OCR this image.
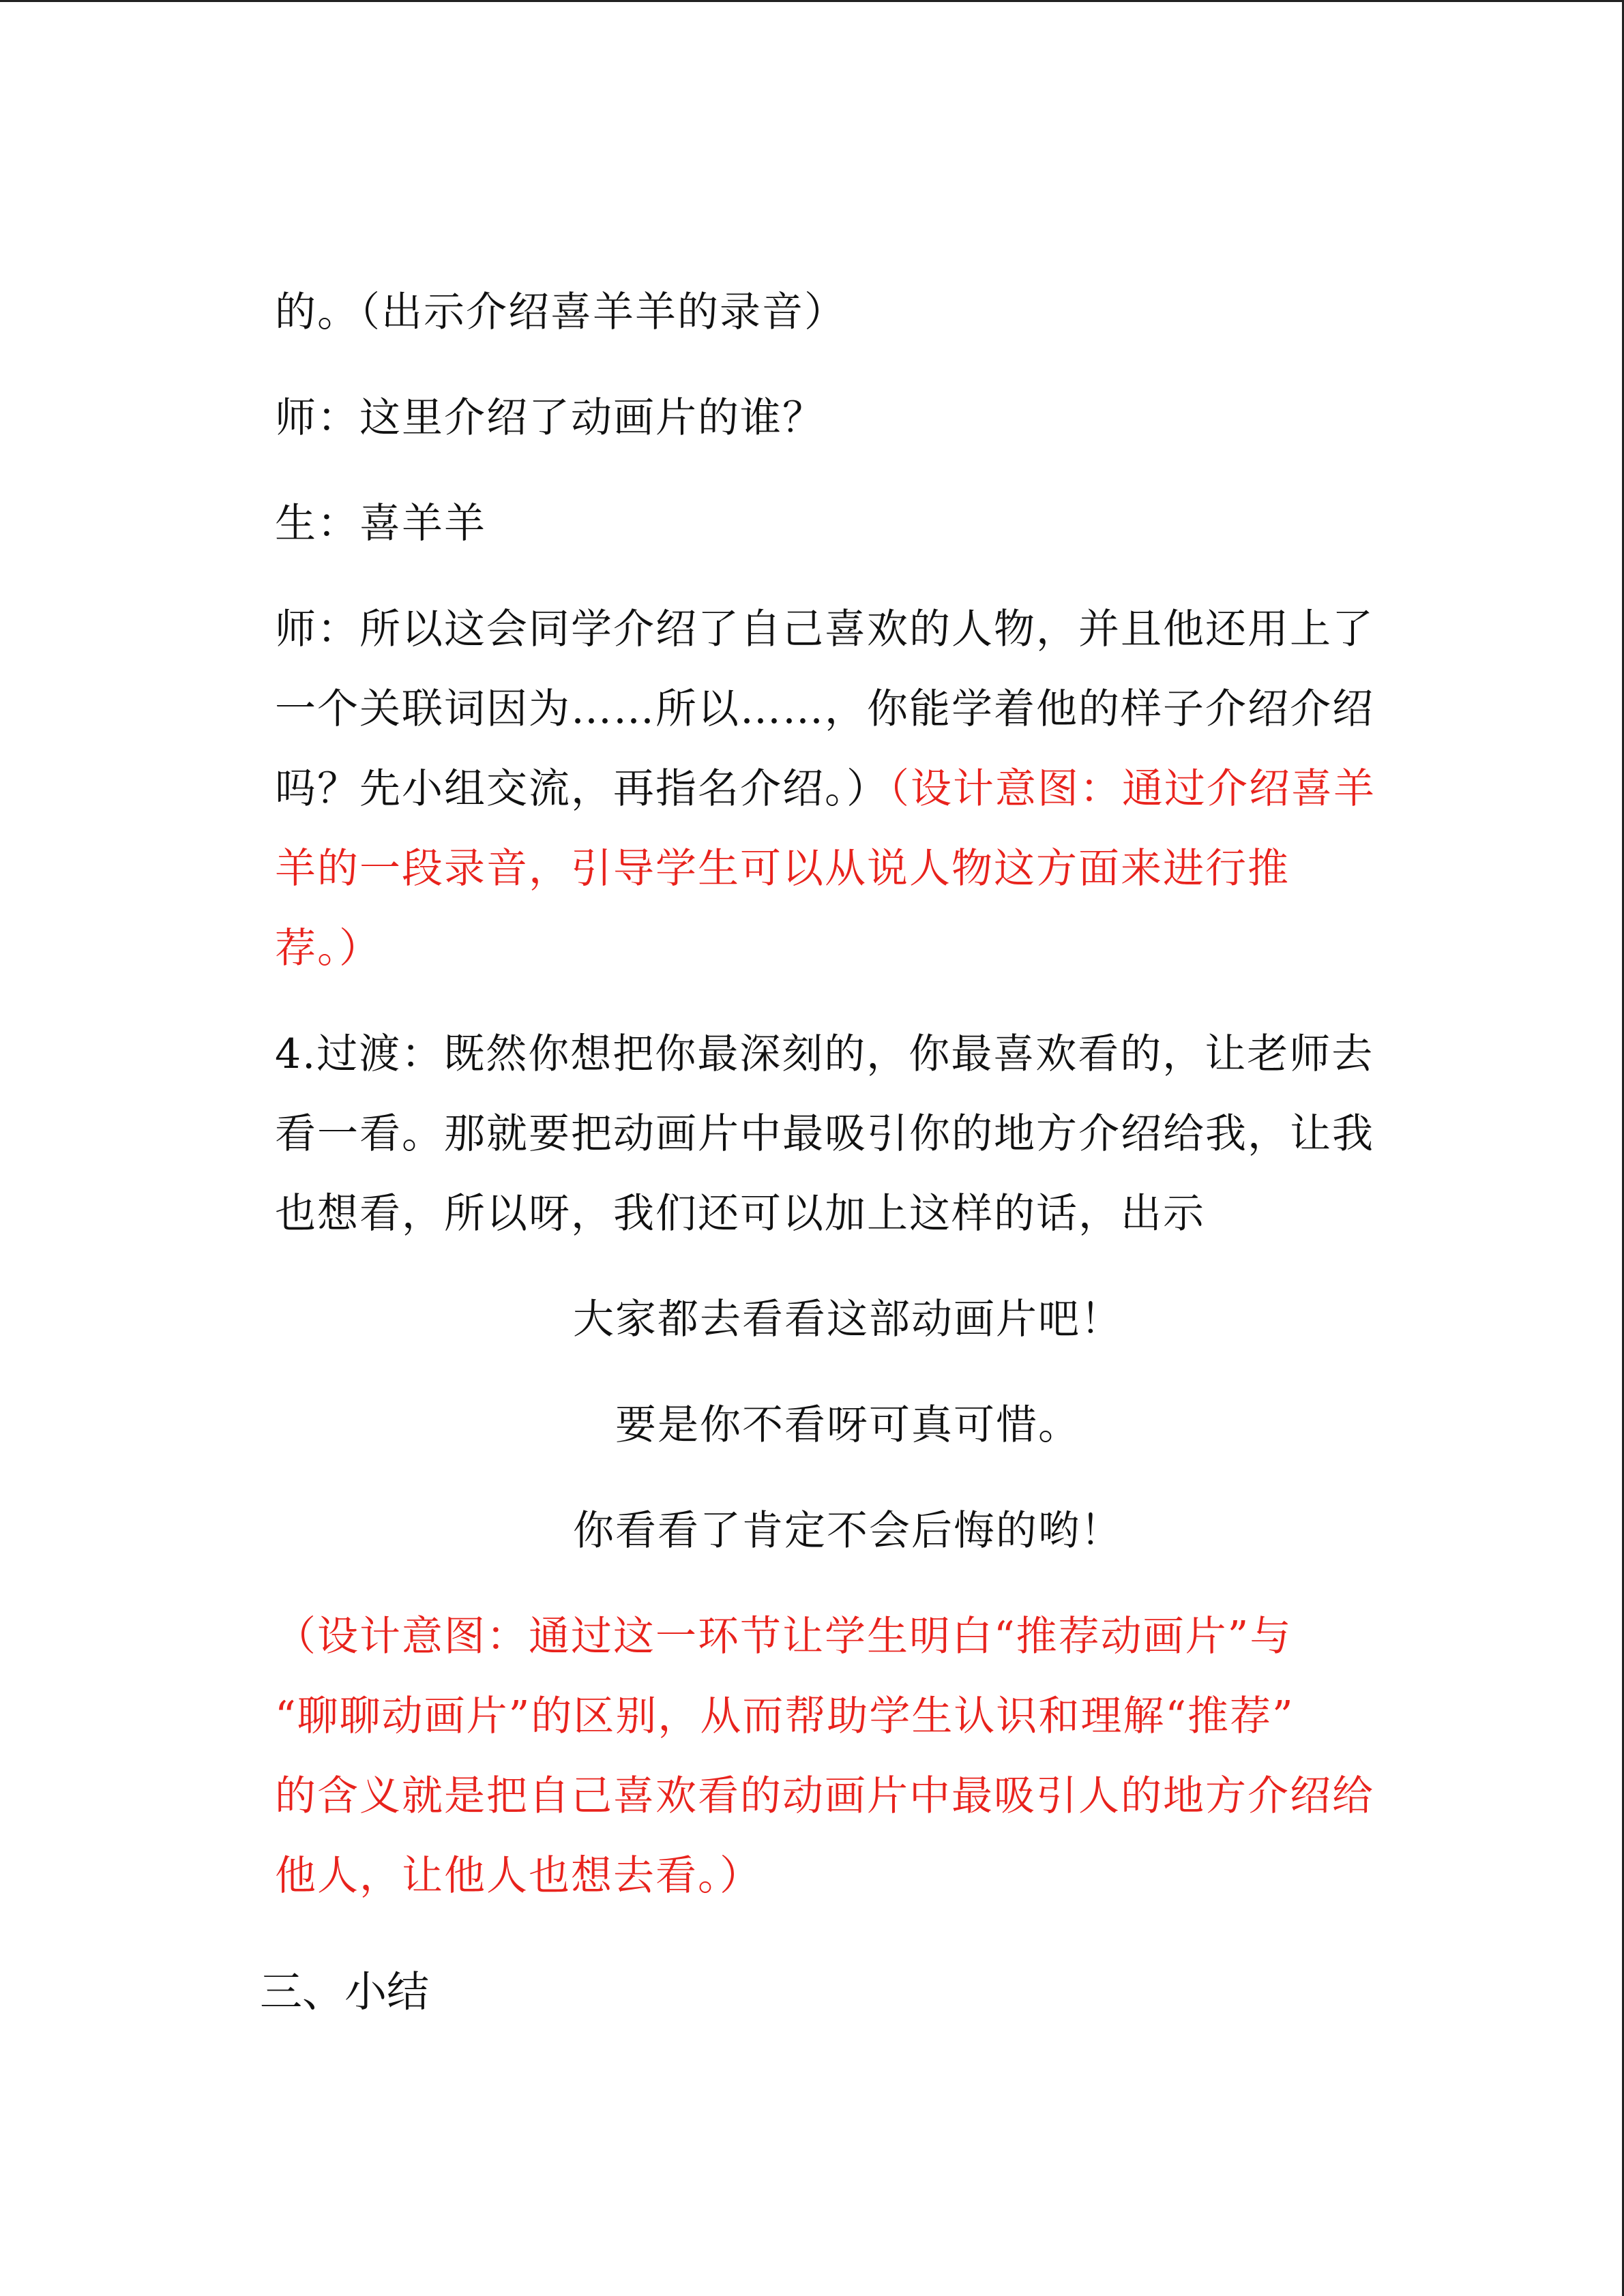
的。（出示介绍喜羊羊的录音）

师：这里介绍了动画片的谁？

生：喜羊羊

师：所以这会同学介绍了自己喜欢的人物，并且他还用上了
一个关联词因为……所以……，你能学着他的样子介绍介绍
吗？先小组交流，再指名介绍。）（设计意图：通过介绍喜羊
羊的一段录音，引导学生可以从说人物这方面来进行推
荐。）

4.过渡：既然你想把你最深刻的，你最喜欢看的，让老师去
看一看。那就要把动画片中最吸引你的地方介绍给我，让我
也想看，所以呀，我们还可以加上这样的话，出示

大家都去看看这部动画片吧！

要是你不看呀可真可惜。

你看看了肯定不会后悔的哟！

（设计意图：通过这一环节让学生明白“推荐动画片”与
“聊聊动画片”的区别，从而帮助学生认识和理解“推荐”
的含义就是把自己喜欢看的动画片中最吸引人的地方介绍给
他人，让他人也想去看。）

三、小结
